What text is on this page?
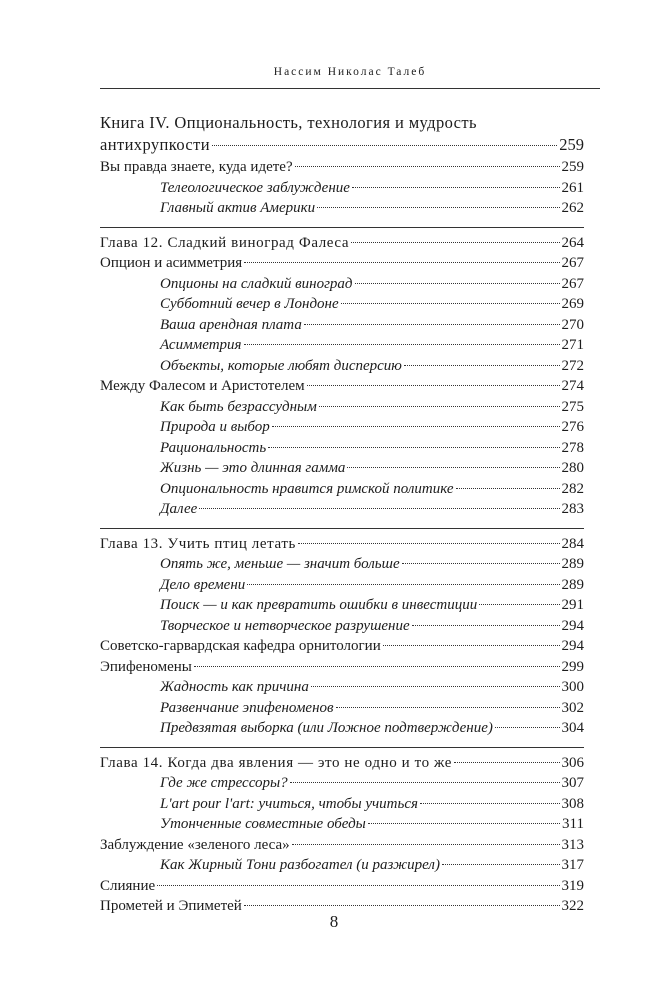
Нассим Николас Талеб
Книга IV. Опциональность, технология и мудрость
антихрупкости	259
Вы правда знаете, куда идете?	259
Телеологическое заблуждение	261
Главный актив Америки	262
Глава 12. Сладкий виноград Фалеса	264
Опцион и асимметрия	267
Опционы на сладкий виноград	267
Субботний вечер в Лондоне	269
Ваша арендная плата	270
Асимметрия	271
Объекты, которые любят дисперсию	272
Между Фалесом и Аристотелем	274
Как быть безрассудным	275
Природа и выбор	276
Рациональность	278
Жизнь — это длинная гамма	280
Опциональность нравится римской политике	282
Далее	283
Глава 13. Учить птиц летать	284
Опять же, меньше — значит больше	289
Дело времени	289
Поиск — и как превратить ошибки в инвестиции	291
Творческое и нетворческое разрушение	294
Советско-гарвардская кафедра орнитологии	294
Эпифеномены	299
Жадность как причина	300
Развенчание эпифеноменов	302
Предвзятая выборка (или Ложное подтверждение)	304
Глава 14. Когда два явления — это не одно и то же	306
Где же стрессоры?	307
L'art pour l'art: учиться, чтобы учиться	308
Утонченные совместные обеды	311
Заблуждение «зеленого леса»	313
Как Жирный Тони разбогател (и разжирел)	317
Слияние	319
Прометей и Эпиметей	322
8
